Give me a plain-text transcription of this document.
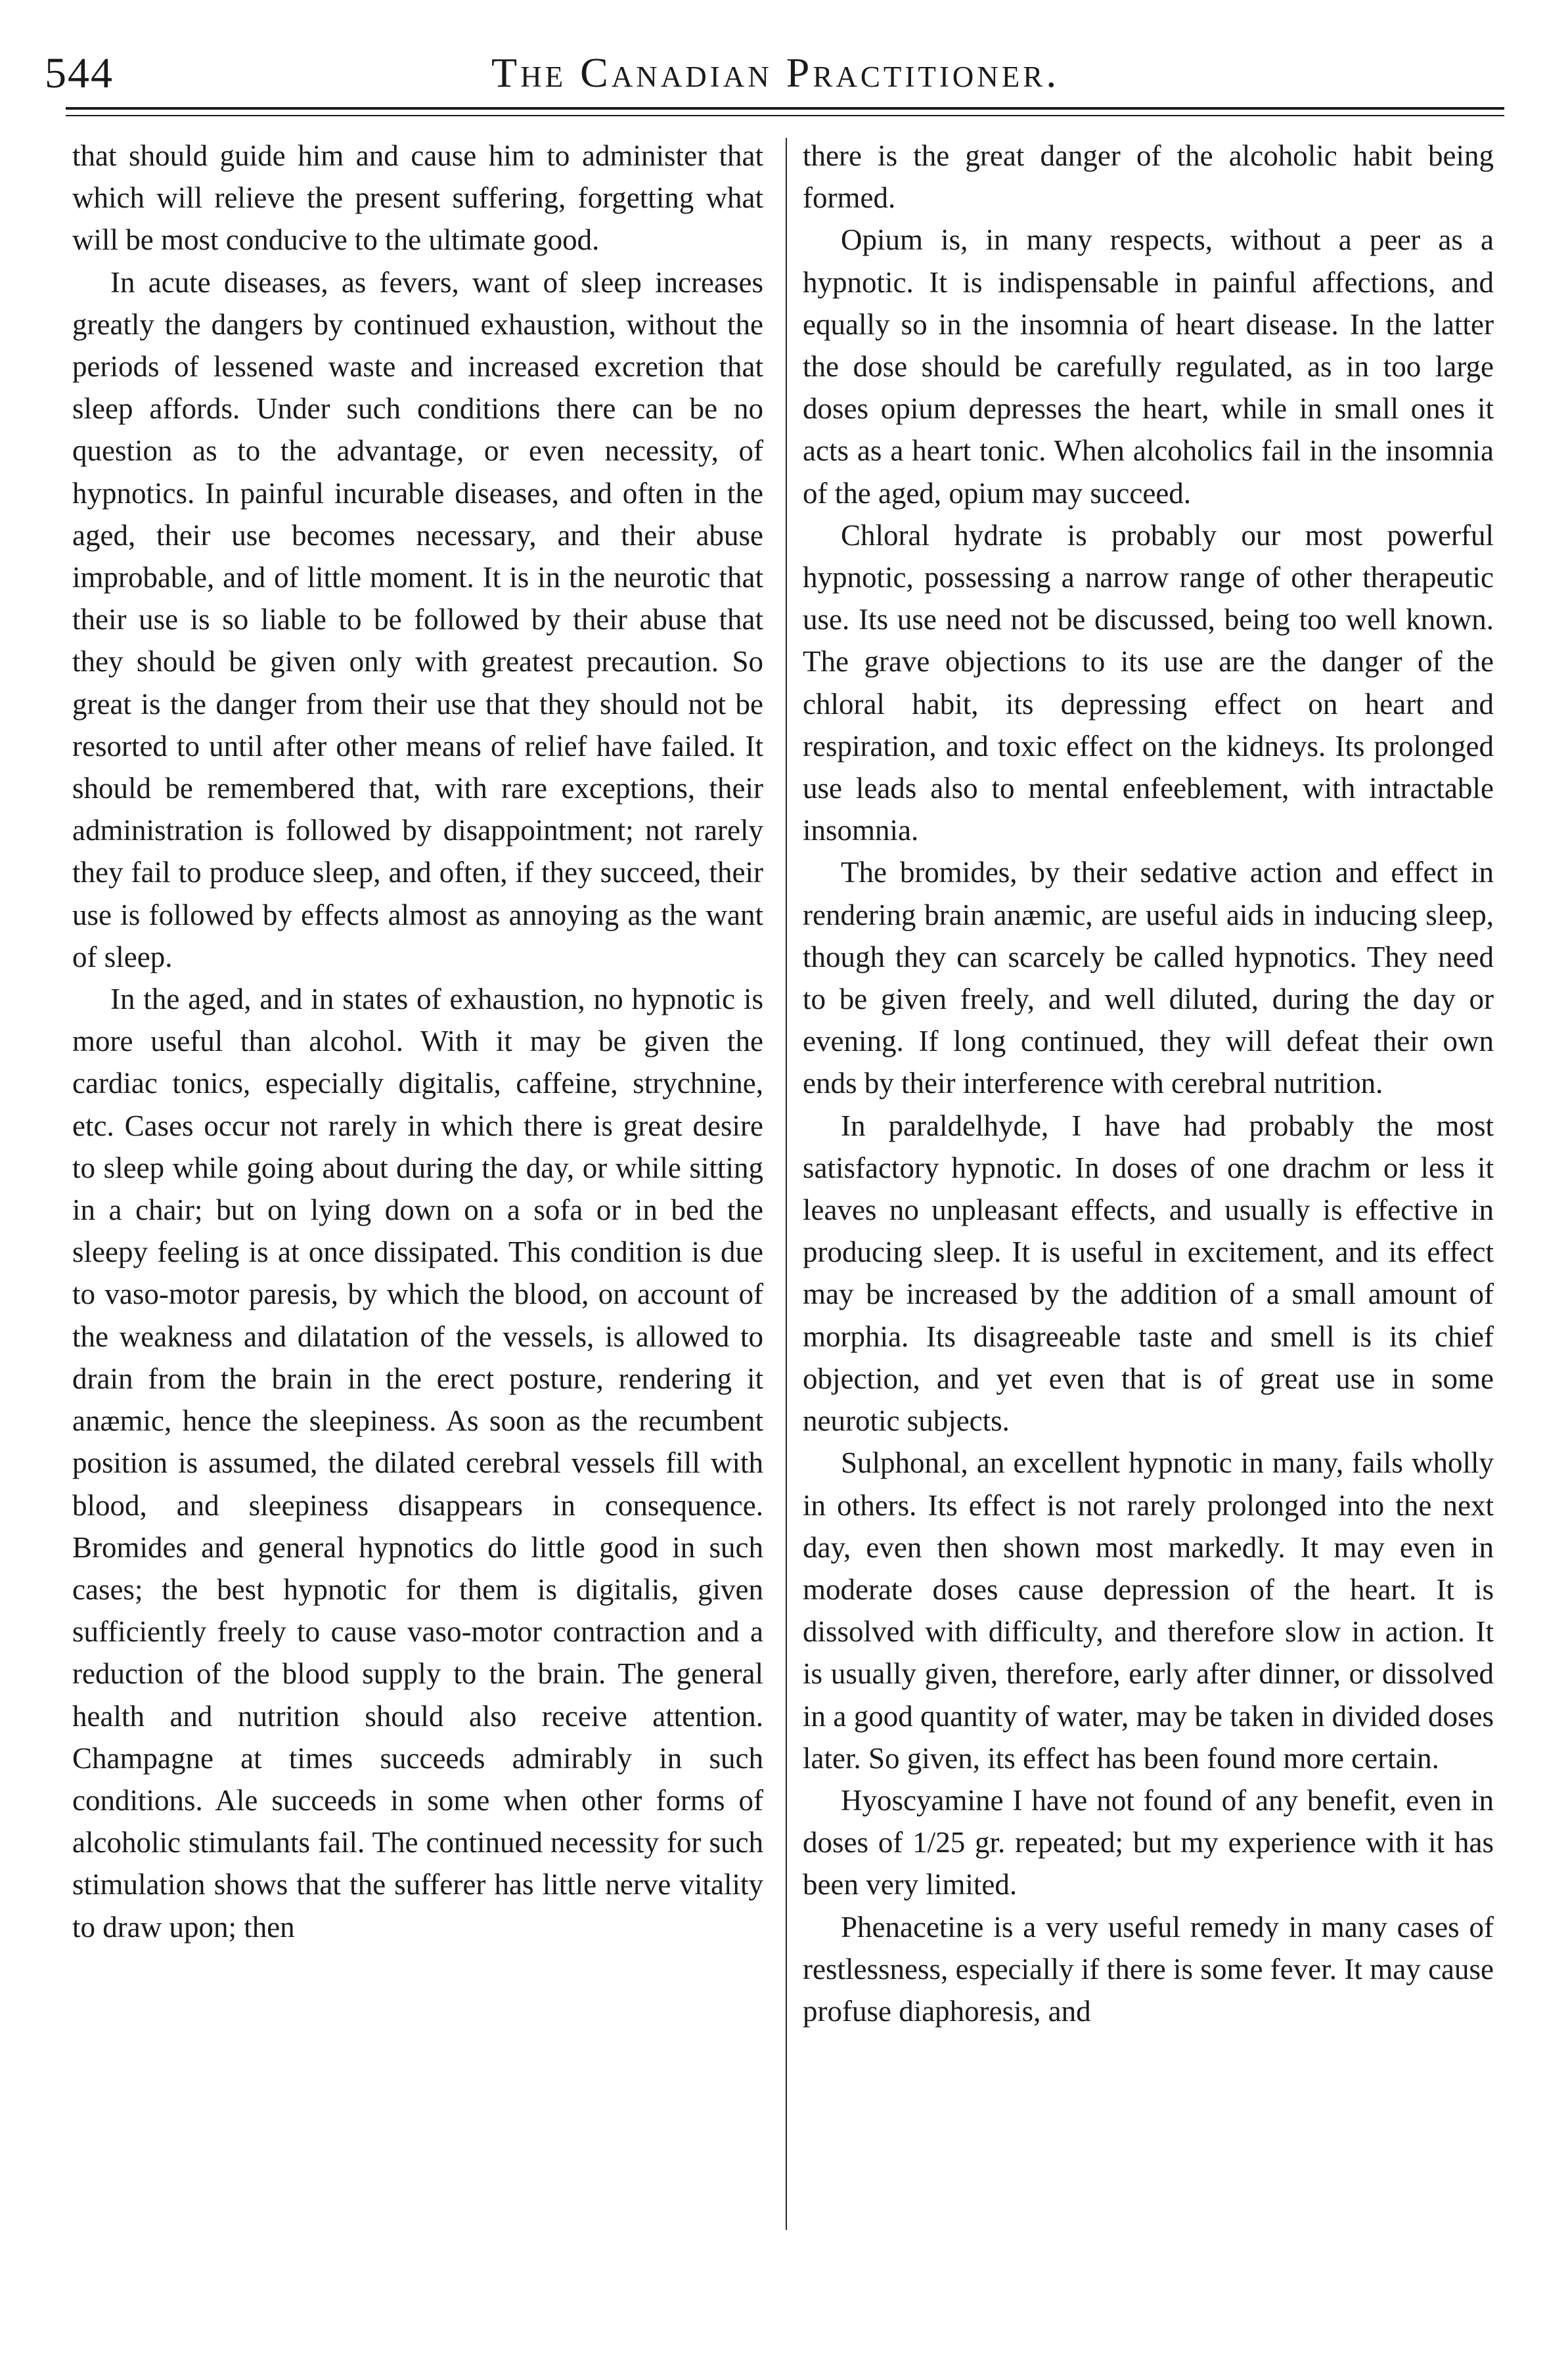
544	The Canadian Practitioner.

that should guide him and cause him to administer that which will relieve the present suffering, forgetting what will be most conducive to the ultimate good.

In acute diseases, as fevers, want of sleep increases greatly the dangers by continued exhaustion, without the periods of lessened waste and increased excretion that sleep affords. Under such conditions there can be no question as to the advantage, or even necessity, of hypnotics. In painful incurable diseases, and often in the aged, their use becomes necessary, and their abuse improbable, and of little moment. It is in the neurotic that their use is so liable to be followed by their abuse that they should be given only with greatest precaution. So great is the danger from their use that they should not be resorted to until after other means of relief have failed. It should be remembered that, with rare exceptions, their administration is followed by disappointment; not rarely they fail to produce sleep, and often, if they succeed, their use is followed by effects almost as annoying as the want of sleep.

In the aged, and in states of exhaustion, no hypnotic is more useful than alcohol. With it may be given the cardiac tonics, especially digitalis, caffeine, strychnine, etc. Cases occur not rarely in which there is great desire to sleep while going about during the day, or while sitting in a chair; but on lying down on a sofa or in bed the sleepy feeling is at once dissipated. This condition is due to vaso-motor paresis, by which the blood, on account of the weakness and dilatation of the vessels, is allowed to drain from the brain in the erect posture, rendering it anæmic, hence the sleepiness. As soon as the recumbent position is assumed, the dilated cerebral vessels fill with blood, and sleepiness disappears in consequence. Bromides and general hypnotics do little good in such cases; the best hypnotic for them is digitalis, given sufficiently freely to cause vaso-motor contraction and a reduction of the blood supply to the brain. The general health and nutrition should also receive attention. Champagne at times succeeds admirably in such conditions. Ale succeeds in some when other forms of alcoholic stimulants fail. The continued necessity for such stimulation shows that the sufferer has little nerve vitality to draw upon; then

there is the great danger of the alcoholic habit being formed.

Opium is, in many respects, without a peer as a hypnotic. It is indispensable in painful affections, and equally so in the insomnia of heart disease. In the latter the dose should be carefully regulated, as in too large doses opium depresses the heart, while in small ones it acts as a heart tonic. When alcoholics fail in the insomnia of the aged, opium may succeed.

Chloral hydrate is probably our most powerful hypnotic, possessing a narrow range of other therapeutic use. Its use need not be discussed, being too well known. The grave objections to its use are the danger of the chloral habit, its depressing effect on heart and respiration, and toxic effect on the kidneys. Its prolonged use leads also to mental enfeeblement, with intractable insomnia.

The bromides, by their sedative action and effect in rendering brain anæmic, are useful aids in inducing sleep, though they can scarcely be called hypnotics. They need to be given freely, and well diluted, during the day or evening. If long continued, they will defeat their own ends by their interference with cerebral nutrition.

In paraldelhyde, I have had probably the most satisfactory hypnotic. In doses of one drachm or less it leaves no unpleasant effects, and usually is effective in producing sleep. It is useful in excitement, and its effect may be increased by the addition of a small amount of morphia. Its disagreeable taste and smell is its chief objection, and yet even that is of great use in some neurotic subjects.

Sulphonal, an excellent hypnotic in many, fails wholly in others. Its effect is not rarely prolonged into the next day, even then shown most markedly. It may even in moderate doses cause depression of the heart. It is dissolved with difficulty, and therefore slow in action. It is usually given, therefore, early after dinner, or dissolved in a good quantity of water, may be taken in divided doses later. So given, its effect has been found more certain.

Hyoscyamine I have not found of any benefit, even in doses of 1/25 gr. repeated; but my experience with it has been very limited.

Phenacetine is a very useful remedy in many cases of restlessness, especially if there is some fever. It may cause profuse diaphoresis, and
